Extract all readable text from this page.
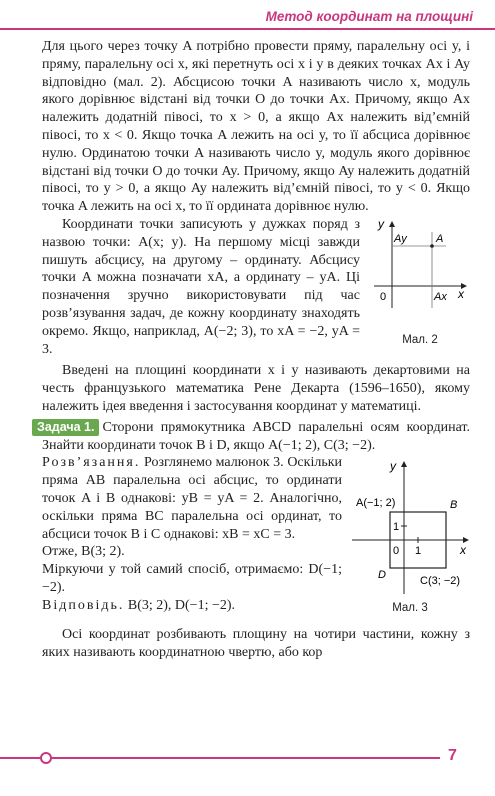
Метод координат на площині

Для цього через точку A потрібно провести пряму, паралельну осі y, і пряму, паралельну осі x, які перетнуть осі x і y в деяких точках Ax і Ay відповідно (мал. 2). Абсцисою точки A називають число x, модуль якого дорівнює відстані від точки O до точки Ax. Причому, якщо Ax належить додатній півосі, то x > 0, а якщо Ax належить від’ємній півосі, то x < 0. Якщо точка A лежить на осі y, то її абсциса дорівнює нулю. Ординатою точки A називають число y, модуль якого дорівнює відстані від точки O до точки Ay. Причому, якщо Ay належить додатній півосі, то y > 0, а якщо Ay належить від’ємній півосі, то y < 0. Якщо точка A лежить на осі x, то її ордината дорівнює нулю.

y
x
0
Ay	A
Ax
Мал. 2

Координати точки записують у дужках поряд з назвою точки: A(x; y). На першому місці завжди пишуть абсцису, на другому – ординату. Абсцису точки A можна позначати xA, а ординату – yA. Ці позначення зручно використовувати під час розв’язування задач, де кожну координату знаходять окремо. Якщо, наприклад, A(−2; 3), то xA = −2, yA = 3.

Введені на площині координати x і y називають декартовими на честь французького математика Рене Декарта (1596–1650), якому належить ідея введення і застосування координат у математиці.

Задача 1. Сторони прямокутника ABCD паралельні осям координат. Знайти координати точок B і D, якщо A(−1; 2), C(3; −2).

A(−1; 2)	B
C(3; −2)
D
0 1
1
y
x
Мал. 3

Розв’язання. Розглянемо малюнок 3. Оскільки пряма AB паралельна осі абсцис, то ординати точок A і B однакові: yB = yA = 2. Аналогічно, оскільки пряма BC паралельна осі ординат, то абсциси точок B і C однакові: xB = xC = 3.

Отже, B(3; 2).

Міркуючи у той самий спосіб, отримаємо: D(−1; −2).

Відповідь. B(3; 2), D(−1; −2).

Осі координат розбивають площину на чотири частини, кожну з яких називають координатною чвертю, або кор

7
